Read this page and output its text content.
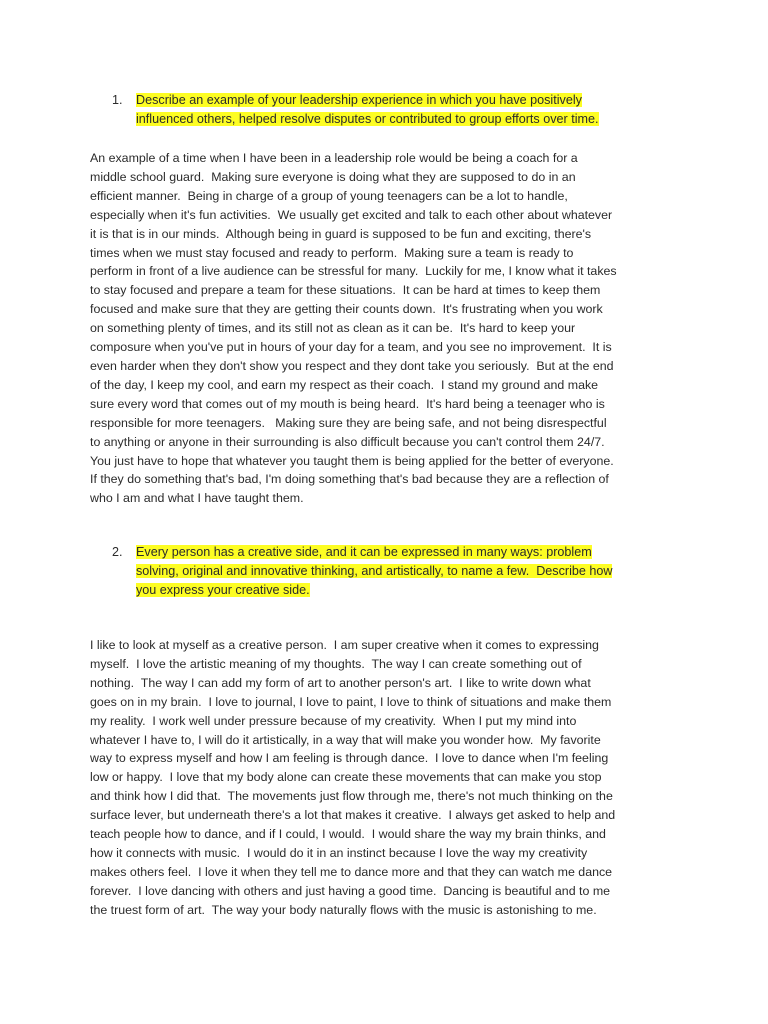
1. Describe an example of your leadership experience in which you have positively
influenced others, helped resolve disputes or contributed to group efforts over time.
An example of a time when I have been in a leadership role would be being a coach for a
middle school guard.  Making sure everyone is doing what they are supposed to do in an
efficient manner.  Being in charge of a group of young teenagers can be a lot to handle,
especially when it's fun activities.  We usually get excited and talk to each other about whatever
it is that is in our minds.  Although being in guard is supposed to be fun and exciting, there's
times when we must stay focused and ready to perform.  Making sure a team is ready to
perform in front of a live audience can be stressful for many.  Luckily for me, I know what it takes
to stay focused and prepare a team for these situations.  It can be hard at times to keep them
focused and make sure that they are getting their counts down.  It's frustrating when you work
on something plenty of times, and its still not as clean as it can be.  It's hard to keep your
composure when you've put in hours of your day for a team, and you see no improvement.  It is
even harder when they don't show you respect and they dont take you seriously.  But at the end
of the day, I keep my cool, and earn my respect as their coach.  I stand my ground and make
sure every word that comes out of my mouth is being heard.  It's hard being a teenager who is
responsible for more teenagers.   Making sure they are being safe, and not being disrespectful
to anything or anyone in their surrounding is also difficult because you can't control them 24/7.
You just have to hope that whatever you taught them is being applied for the better of everyone.
If they do something that's bad, I'm doing something that's bad because they are a reflection of
who I am and what I have taught them.
2. Every person has a creative side, and it can be expressed in many ways: problem
solving, original and innovative thinking, and artistically, to name a few.  Describe how
you express your creative side.
I like to look at myself as a creative person.  I am super creative when it comes to expressing
myself.  I love the artistic meaning of my thoughts.  The way I can create something out of
nothing.  The way I can add my form of art to another person's art.  I like to write down what
goes on in my brain.  I love to journal, I love to paint, I love to think of situations and make them
my reality.  I work well under pressure because of my creativity.  When I put my mind into
whatever I have to, I will do it artistically, in a way that will make you wonder how.  My favorite
way to express myself and how I am feeling is through dance.  I love to dance when I'm feeling
low or happy.  I love that my body alone can create these movements that can make you stop
and think how I did that.  The movements just flow through me, there's not much thinking on the
surface lever, but underneath there's a lot that makes it creative.  I always get asked to help and
teach people how to dance, and if I could, I would.  I would share the way my brain thinks, and
how it connects with music.  I would do it in an instinct because I love the way my creativity
makes others feel.  I love it when they tell me to dance more and that they can watch me dance
forever.  I love dancing with others and just having a good time.  Dancing is beautiful and to me
the truest form of art.  The way your body naturally flows with the music is astonishing to me.
